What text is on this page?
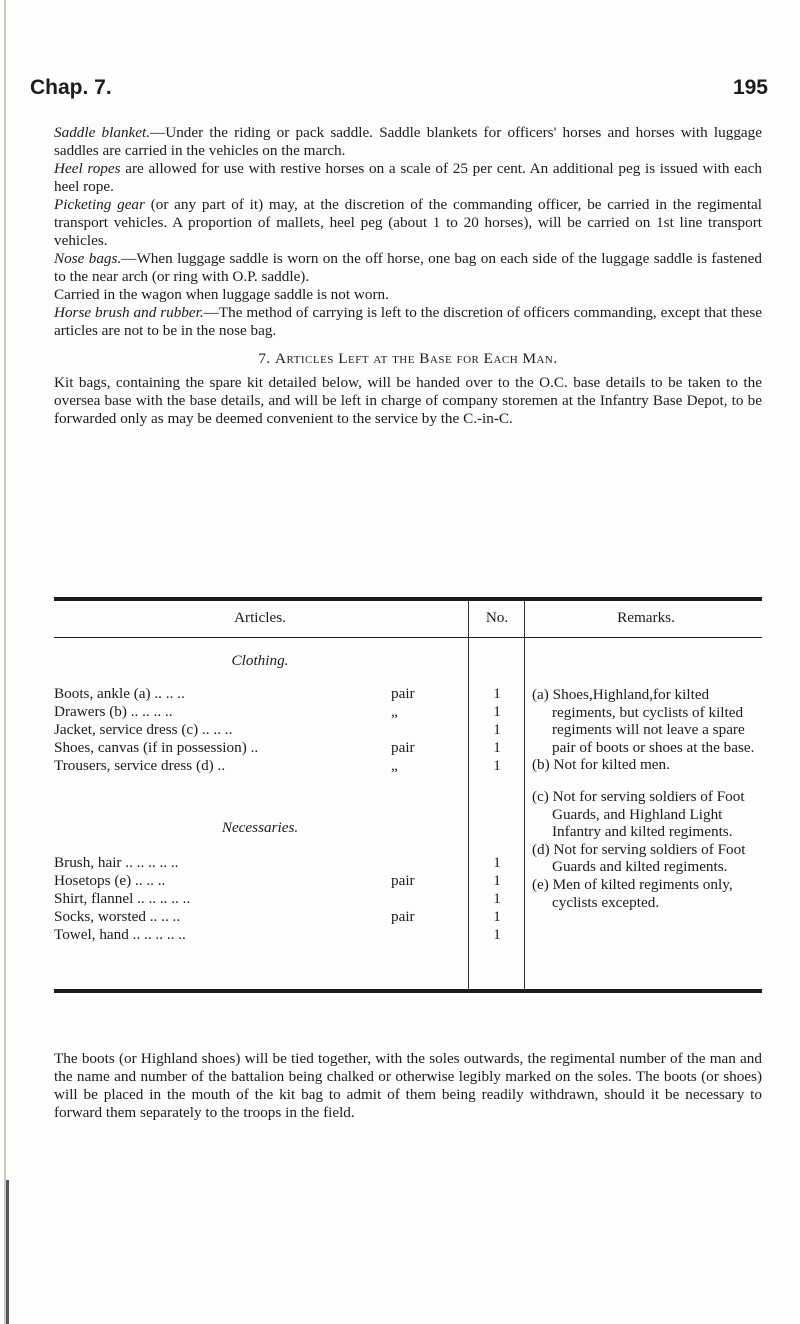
Chap. 7.	195

Saddle blanket.—Under the riding or pack saddle. Saddle blankets for officers' horses and horses with luggage saddles are carried in the vehicles on the march.

Heel ropes are allowed for use with restive horses on a scale of 25 per cent. An additional peg is issued with each heel rope.

Picketing gear (or any part of it) may, at the discretion of the commanding officer, be carried in the regimental transport vehicles. A proportion of mallets, heel peg (about 1 to 20 horses), will be carried on 1st line transport vehicles.

Nose bags.—When luggage saddle is worn on the off horse, one bag on each side of the luggage saddle is fastened to the near arch (or ring with O.P. saddle).

Carried in the wagon when luggage saddle is not worn.

Horse brush and rubber.—The method of carrying is left to the discretion of officers commanding, except that these articles are not to be in the nose bag.

7. Articles Left at the Base for Each Man.

Kit bags, containing the spare kit detailed below, will be handed over to the O.C. base details to be taken to the oversea base with the base details, and will be left in charge of company storemen at the Infantry Base Depot, to be forwarded only as may be deemed convenient to the service by the C.-in-C.

Articles.	No.	Remarks.
Clothing.
Boots, ankle (a) .. .. ..	pair	1
Drawers (b) .. .. .. ..	„	1
Jacket, service dress (c) .. .. ..	1
Shoes, canvas (if in possession) ..	pair	1
Trousers, service dress (d) ..	„	1
Necessaries.
Brush, hair .. .. .. .. ..	1
Hosetops (e) .. .. ..	pair	1
Shirt, flannel .. .. .. .. ..	1
Socks, worsted .. .. ..	pair	1
Towel, hand .. .. .. .. ..	1

(a) Shoes,Highland,for kilted regiments, but cyclists of kilted regiments will not leave a spare pair of boots or shoes at the base.

(b) Not for kilted men.

(c) Not for serving soldiers of Foot Guards, and Highland Light Infantry and kilted regiments.

(d) Not for serving soldiers of Foot Guards and kilted regiments.

(e) Men of kilted regiments only, cyclists excepted.

The boots (or Highland shoes) will be tied together, with the soles outwards, the regimental number of the man and the name and number of the battalion being chalked or otherwise legibly marked on the soles. The boots (or shoes) will be placed in the mouth of the kit bag to admit of them being readily withdrawn, should it be necessary to forward them separately to the troops in the field.
